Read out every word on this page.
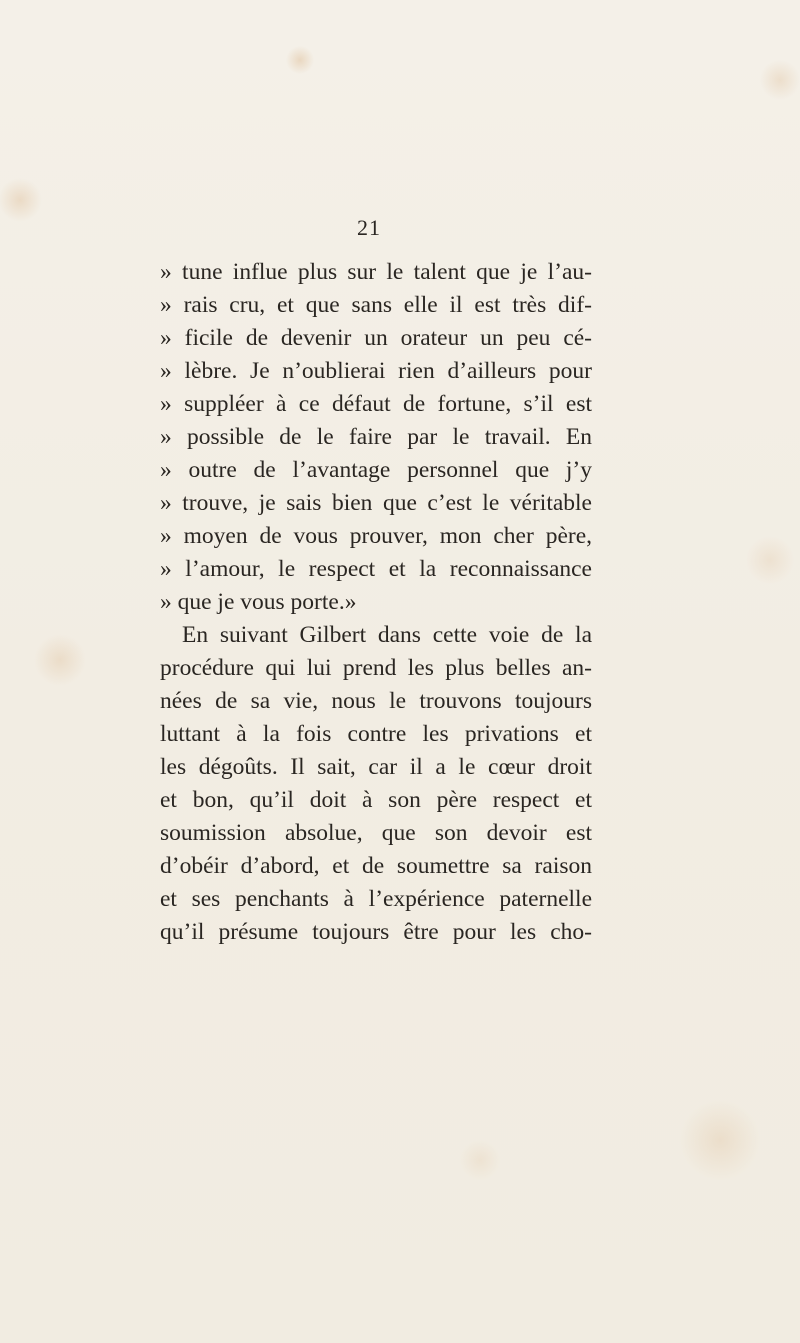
21
» tune influe plus sur le talent que je l’au-
» rais cru, et que sans elle il est très dif-
» ficile de devenir un orateur un peu cé-
» lèbre. Je n’oublierai rien d’ailleurs pour
» suppléer à ce défaut de fortune, s’il est
» possible de le faire par le travail. En
» outre de l’avantage personnel que j’y
» trouve, je sais bien que c’est le véritable
» moyen de vous prouver, mon cher père,
» l’amour, le respect et la reconnaissance
» que je vous porte.»
En suivant Gilbert dans cette voie de la
procédure qui lui prend les plus belles an-
nées de sa vie, nous le trouvons toujours
luttant à la fois contre les privations et
les dégoûts. Il sait, car il a le cœur droit
et bon, qu’il doit à son père respect et
soumission absolue, que son devoir est
d’obéir d’abord, et de soumettre sa raison
et ses penchants à l’expérience paternelle
qu’il présume toujours être pour les cho-
